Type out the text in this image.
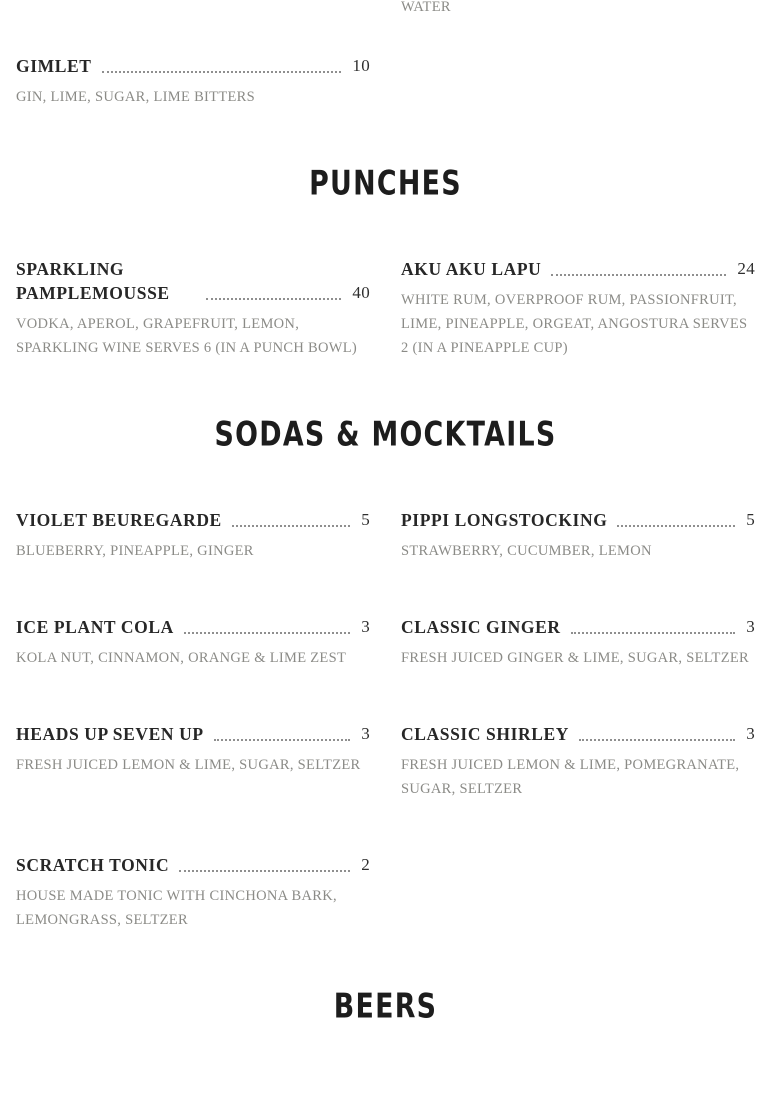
GIMLET	10
GIN, LIME, SUGAR, LIME BITTERS
WATER
PUNCHES
SPARKLING PAMPLEMOUSSE	40
VODKA, APEROL, GRAPEFRUIT, LEMON, SPARKLING WINE SERVES 6 (IN A PUNCH BOWL)
AKU AKU LAPU	24
WHITE RUM, OVERPROOF RUM, PASSIONFRUIT, LIME, PINEAPPLE, ORGEAT, ANGOSTURA SERVES 2 (IN A PINEAPPLE CUP)
SODAS & MOCKTAILS
VIOLET BEUREGARDE	5
BLUEBERRY, PINEAPPLE, GINGER
PIPPI LONGSTOCKING	5
STRAWBERRY, CUCUMBER, LEMON
ICE PLANT COLA	3
KOLA NUT, CINNAMON, ORANGE & LIME ZEST
CLASSIC GINGER	3
FRESH JUICED GINGER & LIME, SUGAR, SELTZER
HEADS UP SEVEN UP	3
FRESH JUICED LEMON & LIME, SUGAR, SELTZER
CLASSIC SHIRLEY	3
FRESH JUICED LEMON & LIME, POMEGRANATE, SUGAR, SELTZER
SCRATCH TONIC	2
HOUSE MADE TONIC WITH CINCHONA BARK, LEMONGRASS, SELTZER
BEERS
